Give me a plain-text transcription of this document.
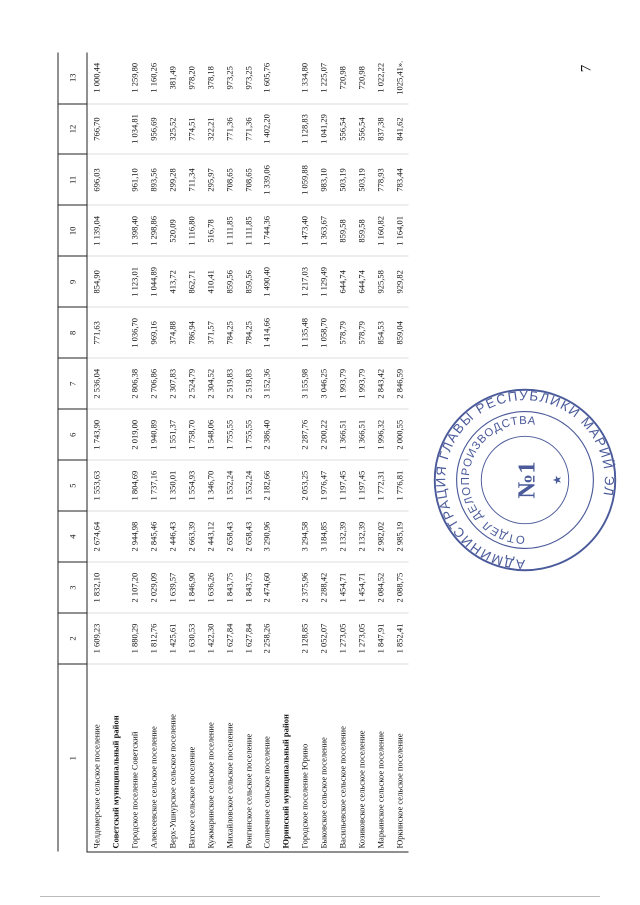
7
1	2	3	4	5	6	7	8	9	10	11	12	13
Челдомерское сельское поселение	1 609,23	1 832,10	2 674,64	1 553,63	1 743,90	2 536,04	771,63	854,90	1 139,04	696,03	766,70	1 000,44
Советский муниципальный район												
Городское поселение Советский	1 880,29	2 107,20	2 944,98	1 804,69	2 019,00	2 806,38	1 036,70	1 123,01	1 398,40	961,10	1 034,81	1 259,80
Алексеевское сельское поселение	1 812,76	2 029,09	2 845,46	1 737,16	1 940,89	2 706,86	969,16	1 044,89	1 298,86	893,56	956,69	1 160,26
Верх-Ушнурское сельское поселение	1 425,61	1 639,57	2 446,43	1 350,01	1 551,37	2 307,83	374,88	413,72	520,09	299,28	325,52	381,49
Ватское сельское поселение	1 630,53	1 846,90	2 663,39	1 554,93	1 758,70	2 524,79	786,94	862,71	1 116,80	711,34	774,51	978,20
Кужмаринское сельское поселение	1 422,30	1 636,26	2 443,12	1 346,70	1 548,06	2 304,52	371,57	410,41	516,78	295,97	322,21	378,18
Михайловское сельское поселение	1 627,84	1 843,75	2 658,43	1 552,24	1 755,55	2 519,83	784,25	859,56	1 111,85	708,65	771,36	973,25
Ронгинское сельское поселение	1 627,84	1 843,75	2 658,43	1 552,24	1 755,55	2 519,83	784,25	859,56	1 111,85	708,65	771,36	973,25
Солнечное сельское поселение	2 258,26	2 474,60	3 290,96	2 182,66	2 386,40	3 152,36	1 414,66	1 490,40	1 744,36	1 339,06	1 402,20	1 605,76
Юринский муниципальный район												
Городское поселение Юрино	2 128,85	2 375,96	3 294,58	2 053,25	2 287,76	3 155,98	1 135,48	1 217,03	1 473,40	1 059,88	1 128,83	1 334,80
Быковское сельское поселение	2 052,07	2 288,42	3 184,85	1 976,47	2 200,22	3 046,25	1 058,70	1 129,49	1 363,67	983,10	1 041,29	1 225,07
Васильевское сельское поселение	1 273,05	1 454,71	2 132,39	1 197,45	1 366,51	1 993,79	578,79	644,74	859,58	503,19	556,54	720,98
Козиковское сельское поселение	1 273,05	1 454,71	2 132,39	1 197,45	1 366,51	1 993,79	578,79	644,74	859,58	503,19	556,54	720,98
Марьинское сельское поселение	1 847,91	2 084,52	2 982,02	1 772,31	1 996,32	2 843,42	854,53	925,58	1 160,82	778,93	837,38	1 022,22
Юркинское сельское поселение	1 852,41	2 088,75	2 985,19	1 776,81	2 000,55	2 846,59	859,04	929,82	1 164,01	783,44	841,62	1025,41».
АДМИНИСТРАЦИЯ ГЛАВЫ РЕСПУБЛИКИ МАРИЙ ЭЛ
ОТДЕЛ ДЕЛОПРОИЗВОДСТВА
№1 ★
